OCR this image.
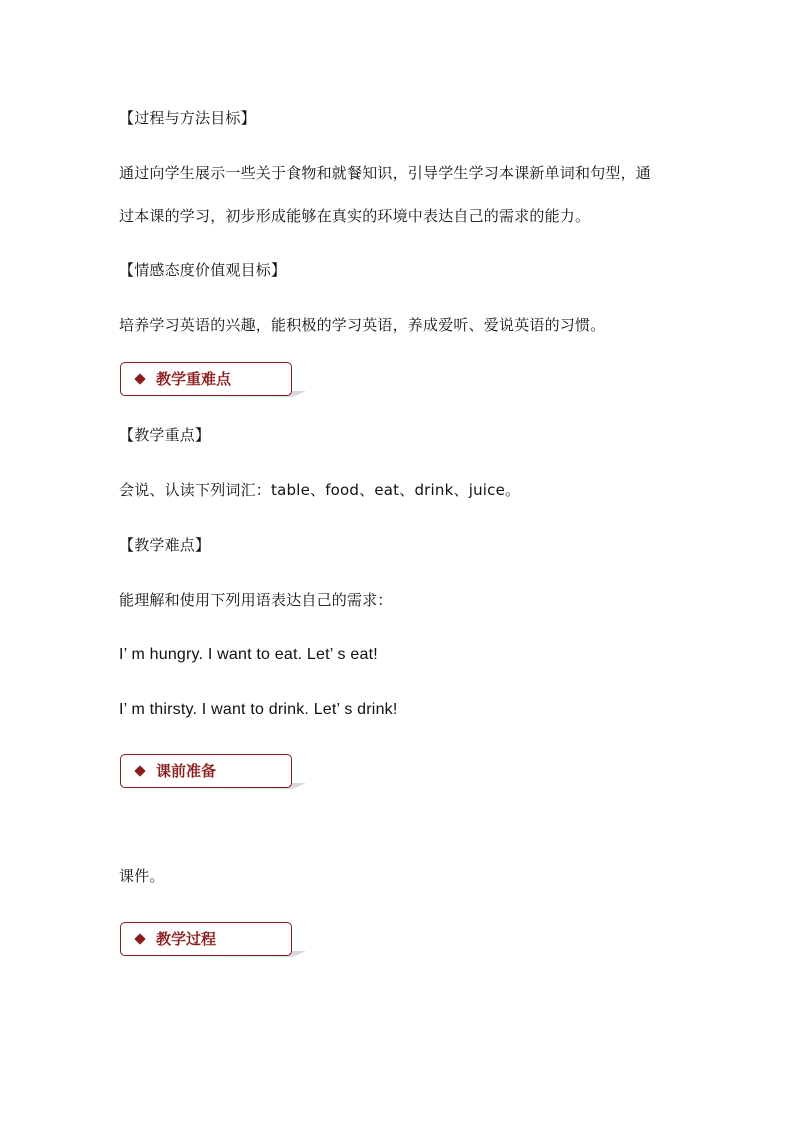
【过程与方法目标】
通过向学生展示一些关于食物和就餐知识，引导学生学习本课新单词和句型，通
过本课的学习，初步形成能够在真实的环境中表达自己的需求的能力。
【情感态度价值观目标】
培养学习英语的兴趣，能积极的学习英语，养成爱听、爱说英语的习惯。
教学重难点
【教学重点】
会说、认读下列词汇：table、food、eat、drink、juice。
【教学难点】
能理解和使用下列用语表达自己的需求：
I’ m hungry. I want to eat. Let’ s eat!
I’ m thirsty. I want to drink. Let’ s drink!
课前准备
课件。
教学过程
